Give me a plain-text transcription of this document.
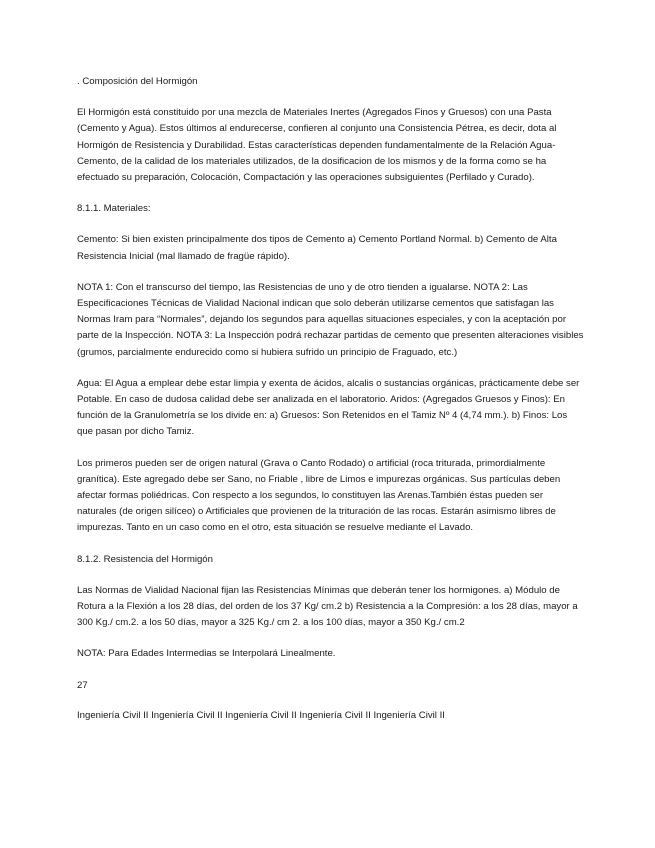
. Composición del Hormigón

El Hormigón está constituido por una mezcla de Materiales Inertes (Agregados Finos y Gruesos) con una Pasta (Cemento y Agua). Estos últimos al endurecerse, confieren al conjunto una Consistencia Pétrea, es decir, dota al Hormigón de Resistencia y Durabilidad. Estas características dependen fundamentalmente de la Relación Agua-Cemento, de la calidad de los materiales utilizados, de la dosificacion de los mismos y de la forma como se ha efectuado su preparación, Colocación, Compactación y las operaciones subsiguientes (Perfilado y Curado).

8.1.1. Materiales:

Cemento: Si bien existen principalmente dos tipos de Cemento a) Cemento Portland Normal. b) Cemento de Alta Resistencia Inicial (mal llamado de fragüe rápido).

NOTA 1: Con el transcurso del tiempo, las Resistencias de uno y de otro tienden a igualarse. NOTA 2: Las Especificaciones Técnicas de Vialidad Nacional indican que solo deberán utilizarse cementos que satisfagan las Normas Iram para “Normales”, dejando los segundos para aquellas situaciones especiales, y con la aceptación por parte de la Inspección. NOTA 3: La Inspección podrá rechazar partidas de cemento que presenten alteraciones visibles (grumos, parcialmente endurecido como si hubiera sufrido un principio de Fraguado, etc.)

Agua: El Agua a emplear debe estar limpia y exenta de ácidos, alcalis o sustancias orgánicas, prácticamente debe ser Potable. En caso de dudosa calidad debe ser analizada en el laboratorio. Aridos: (Agregados Gruesos y Finos): En función de la Granulometría se los divide en: a) Gruesos: Son Retenidos en el Tamiz Nº 4 (4,74 mm.). b) Finos: Los que pasan por dicho Tamiz.

Los primeros pueden ser de origen natural (Grava o Canto Rodado) o artificial (roca triturada, primordialmente granítica). Este agregado debe ser Sano, no Friable , libre de Limos e impurezas orgánicas. Sus partículas deben afectar formas poliédricas. Con respecto a los segundos, lo constituyen las Arenas.También éstas pueden ser naturales (de origen silíceo) o Artificiales que provienen de la trituración de las rocas. Estarán asimismo libres de impurezas. Tanto en un caso como en el otro, esta situación se resuelve mediante el Lavado.

8.1.2. Resistencia del Hormigón

Las Normas de Vialidad Nacional fijan las Resistencias Mínimas que deberán tener los hormigones. a) Módulo de Rotura a la Flexión a los 28 días, del orden de los 37 Kg/ cm.2 b) Resistencia a la Compresión: a los 28 días, mayor a 300 Kg./ cm.2. a los 50 días, mayor a 325 Kg./ cm 2. a los 100 días, mayor a 350 Kg./ cm.2

NOTA: Para Edades Intermedias se Interpolará Linealmente.

27

Ingeniería Civil II Ingeniería Civil II Ingeniería Civil II Ingeniería Civil II Ingeniería Civil II
